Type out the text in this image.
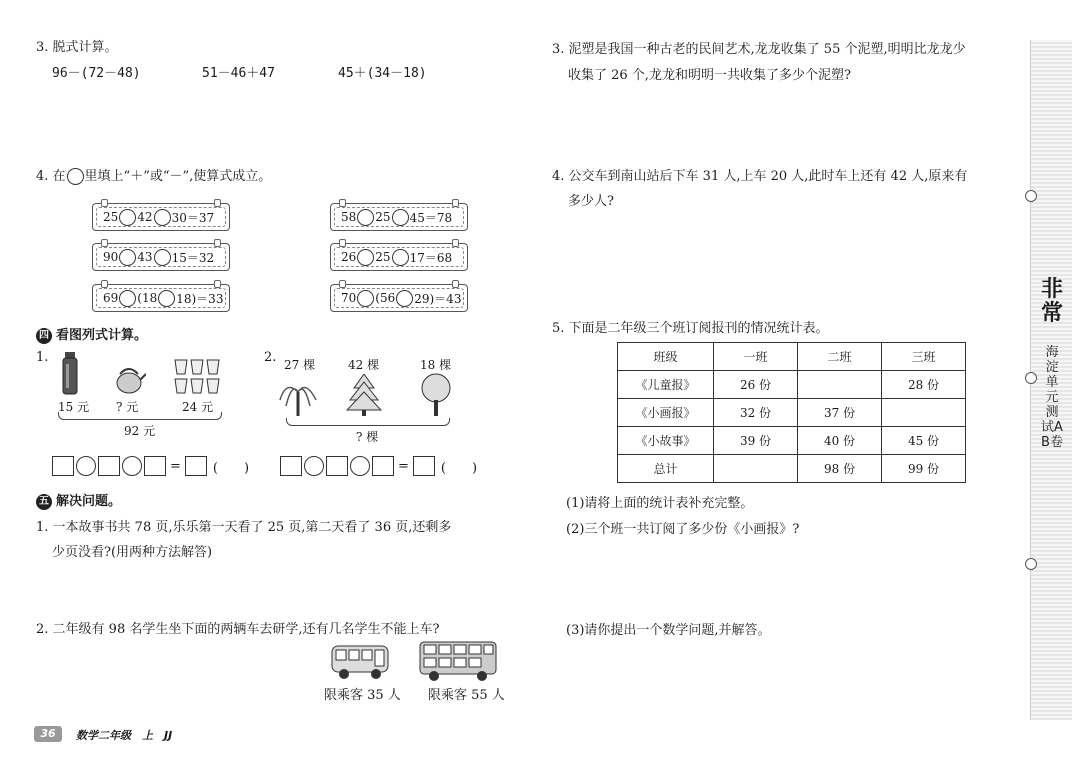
3. 脱式计算。
96－(72－48)	51－46＋47	45＋(34－18)
4. 在 里填上“＋”或“－”,使算式成立。
25 42 30＝37	58 25 45＝78
90 43 15＝32	26 25 17＝68
69 (18 18)＝33	70 (56 29)＝43
四 看图列式计算。
1.
15 元 ? 元	24 元
92 元
2. 27 棵	42 棵	18 棵
? 棵
= (　　)	= (　　)
五 解决问题。
1. 一本故事书共 78 页,乐乐第一天看了 25 页,第二天看了 36 页,还剩多
少页没看?(用两种方法解答)
2. 二年级有 98 名学生坐下面的两辆车去研学,还有几名学生不能上车?
限乘客 35 人 限乘客 55 人
3. 泥塑是我国一种古老的民间艺术,龙龙收集了 55 个泥塑,明明比龙龙少
收集了 26 个,龙龙和明明一共收集了多少个泥塑?
4. 公交车到南山站后下车 31 人,上车 20 人,此时车上还有 42 人,原来有
多少人?
5. 下面是二年级三个班订阅报刊的情况统计表。
班级	一班	二班	三班
《儿童报》	26 份		28 份
《小画报》	32 份	37 份	
《小故事》	39 份	40 份	45 份
总计		98 份	99 份
(1)请将上面的统计表补充完整。
(2)三个班一共订阅了多少份《小画报》?
(3)请你提出一个数学问题,并解答。
非常
海淀单元测试AB卷
36	数学二年级　上　JJ
